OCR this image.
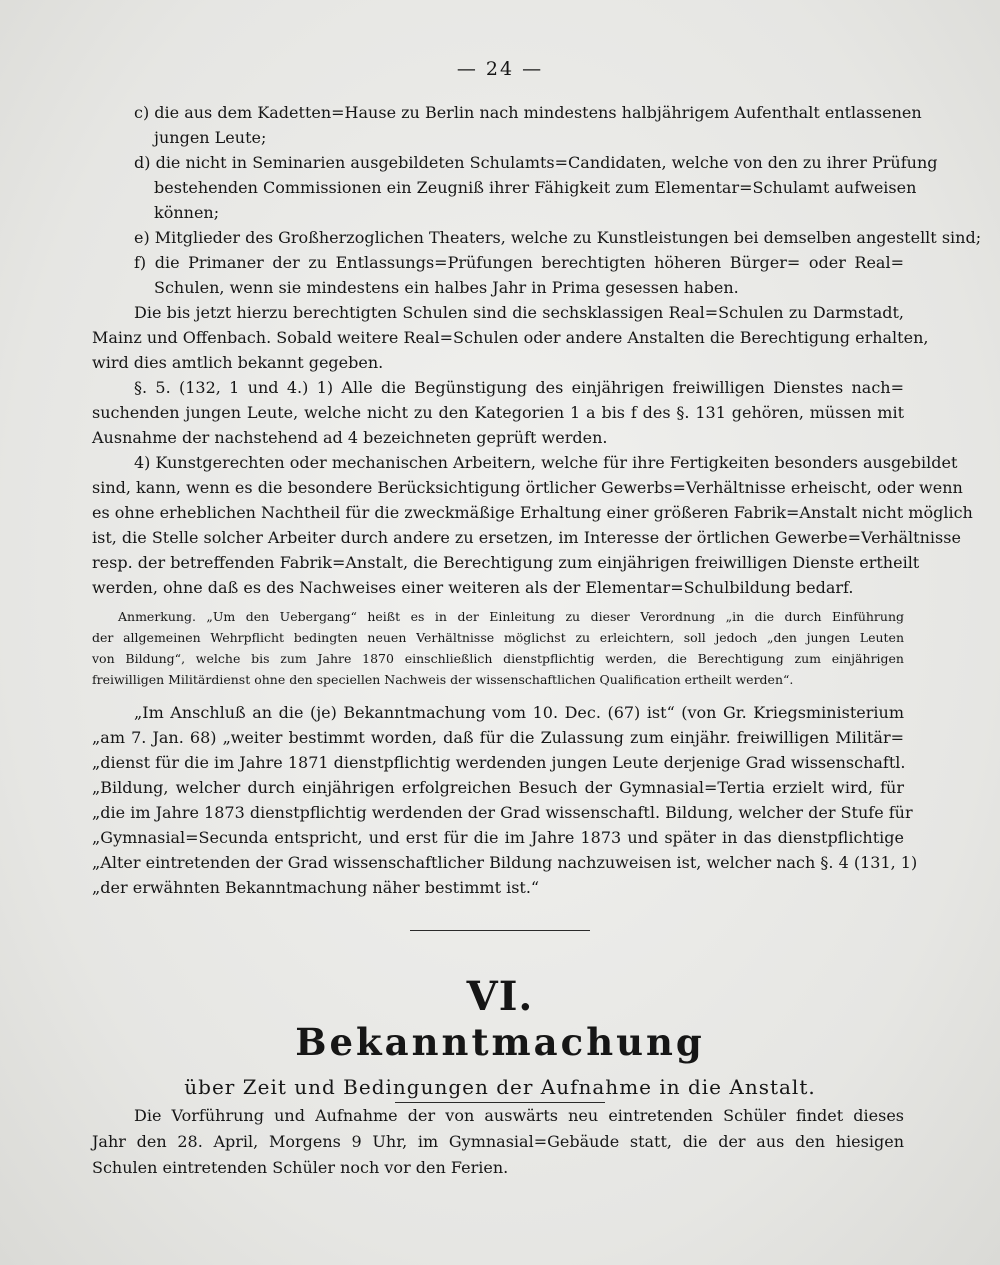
— 24 —
c) die aus dem Kadetten=Hause zu Berlin nach mindestens halbjährigem Aufenthalt entlassenen
jungen Leute;
d) die nicht in Seminarien ausgebildeten Schulamts=Candidaten, welche von den zu ihrer Prüfung
bestehenden Commissionen ein Zeugniß ihrer Fähigkeit zum Elementar=Schulamt aufweisen
können;
e) Mitglieder des Großherzoglichen Theaters, welche zu Kunstleistungen bei demselben angestellt sind;
f) die Primaner der zu Entlassungs=Prüfungen berechtigten höheren Bürger= oder Real=
Schulen, wenn sie mindestens ein halbes Jahr in Prima gesessen haben.
Die bis jetzt hierzu berechtigten Schulen sind die sechsklassigen Real=Schulen zu Darmstadt,
Mainz und Offenbach. Sobald weitere Real=Schulen oder andere Anstalten die Berechtigung erhalten,
wird dies amtlich bekannt gegeben.
§. 5. (132, 1 und 4.) 1) Alle die Begünstigung des einjährigen freiwilligen Dienstes nach=
suchenden jungen Leute, welche nicht zu den Kategorien 1 a bis f des §. 131 gehören, müssen mit
Ausnahme der nachstehend ad 4 bezeichneten geprüft werden.
4) Kunstgerechten oder mechanischen Arbeitern, welche für ihre Fertigkeiten besonders ausgebildet
sind, kann, wenn es die besondere Berücksichtigung örtlicher Gewerbs=Verhältnisse erheischt, oder wenn
es ohne erheblichen Nachtheil für die zweckmäßige Erhaltung einer größeren Fabrik=Anstalt nicht möglich
ist, die Stelle solcher Arbeiter durch andere zu ersetzen, im Interesse der örtlichen Gewerbe=Verhältnisse
resp. der betreffenden Fabrik=Anstalt, die Berechtigung zum einjährigen freiwilligen Dienste ertheilt
werden, ohne daß es des Nachweises einer weiteren als der Elementar=Schulbildung bedarf.
Anmerkung. „Um den Uebergang“ heißt es in der Einleitung zu dieser Verordnung „in die durch Einführung
der allgemeinen Wehrpflicht bedingten neuen Verhältnisse möglichst zu erleichtern, soll jedoch „den jungen Leuten
von Bildung“, welche bis zum Jahre 1870 einschließlich dienstpflichtig werden, die Berechtigung zum einjährigen
freiwilligen Militärdienst ohne den speciellen Nachweis der wissenschaftlichen Qualification ertheilt werden“.
„Im Anschluß an die (je) Bekanntmachung vom 10. Dec. (67) ist“ (von Gr. Kriegsministerium
„am 7. Jan. 68) „weiter bestimmt worden, daß für die Zulassung zum einjähr. freiwilligen Militär=
„dienst für die im Jahre 1871 dienstpflichtig werdenden jungen Leute derjenige Grad wissenschaftl.
„Bildung, welcher durch einjährigen erfolgreichen Besuch der Gymnasial=Tertia erzielt wird, für
„die im Jahre 1873 dienstpflichtig werdenden der Grad wissenschaftl. Bildung, welcher der Stufe für
„Gymnasial=Secunda entspricht, und erst für die im Jahre 1873 und später in das dienstpflichtige
„Alter eintretenden der Grad wissenschaftlicher Bildung nachzuweisen ist, welcher nach §. 4 (131, 1)
„der erwähnten Bekanntmachung näher bestimmt ist.“
VI.
Bekanntmachung
über Zeit und Bedingungen der Aufnahme in die Anstalt.
Die Vorführung und Aufnahme der von auswärts neu eintretenden Schüler findet dieses
Jahr den 28. April, Morgens 9 Uhr, im Gymnasial=Gebäude statt, die der aus den hiesigen
Schulen eintretenden Schüler noch vor den Ferien.
